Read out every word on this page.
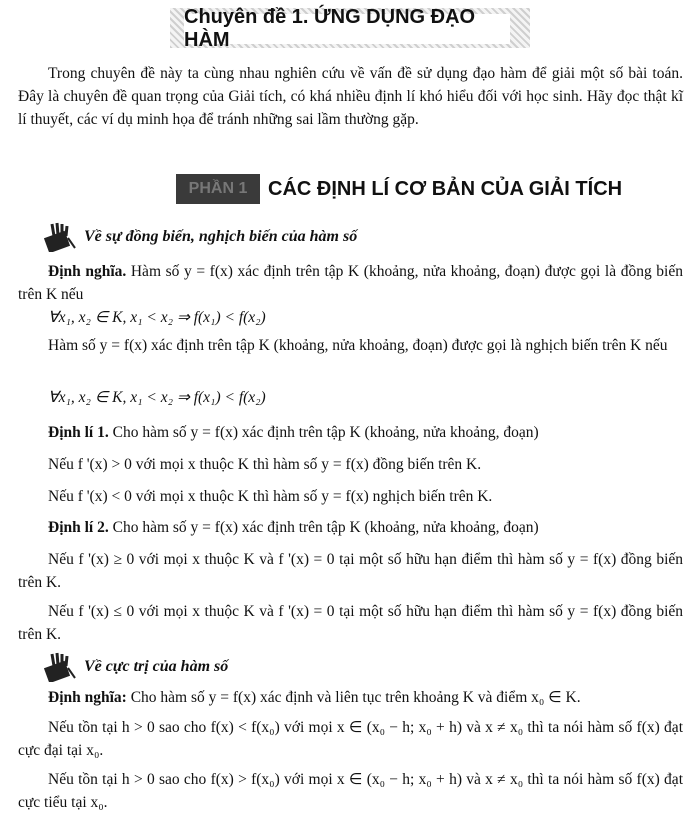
Chuyên đề 1. ỨNG DỤNG ĐẠO HÀM
Trong chuyên đề này ta cùng nhau nghiên cứu về vấn đề sử dụng đạo hàm để giải một số bài toán. Đây là chuyên đề quan trọng của Giải tích, có khá nhiều định lí khó hiểu đối với học sinh. Hãy đọc thật kĩ lí thuyết, các ví dụ minh họa để tránh những sai lầm thường gặp.
PHẦN 1	CÁC ĐỊNH LÍ CƠ BẢN CỦA GIẢI TÍCH
Về sự đồng biến, nghịch biến của hàm số
Định nghĩa. Hàm số y = f(x) xác định trên tập K (khoảng, nửa khoảng, đoạn) được gọi là đồng biến trên K nếu
∀x₁, x₂ ∈ K, x₁ < x₂ ⇒ f(x₁) < f(x₂)
Hàm số y = f(x) xác định trên tập K (khoảng, nửa khoảng, đoạn) được gọi là nghịch biến trên K nếu
∀x₁, x₂ ∈ K, x₁ < x₂ ⇒ f(x₁) < f(x₂)
Định lí 1. Cho hàm số y = f(x) xác định trên tập K (khoảng, nửa khoảng, đoạn)
Nếu f '(x) > 0 với mọi x thuộc K thì hàm số y = f(x) đồng biến trên K.
Nếu f '(x) < 0 với mọi x thuộc K thì hàm số y = f(x) nghịch biến trên K.
Định lí 2. Cho hàm số y = f(x) xác định trên tập K (khoảng, nửa khoảng, đoạn)
Nếu f '(x) ≥ 0 với mọi x thuộc K và f '(x) = 0 tại một số hữu hạn điểm thì hàm số y = f(x) đồng biến trên K.
Nếu f '(x) ≤ 0 với mọi x thuộc K và f '(x) = 0 tại một số hữu hạn điểm thì hàm số y = f(x) đồng biến trên K.
Về cực trị của hàm số
Định nghĩa: Cho hàm số y = f(x) xác định và liên tục trên khoảng K và điểm x₀ ∈ K.
Nếu tồn tại h > 0 sao cho f(x) < f(x₀) với mọi x ∈ (x₀ − h; x₀ + h) và x ≠ x₀ thì ta nói hàm số f(x) đạt cực đại tại x₀.
Nếu tồn tại h > 0 sao cho f(x) > f(x₀) với mọi x ∈ (x₀ − h; x₀ + h) và x ≠ x₀ thì ta nói hàm số f(x) đạt cực tiểu tại x₀.
